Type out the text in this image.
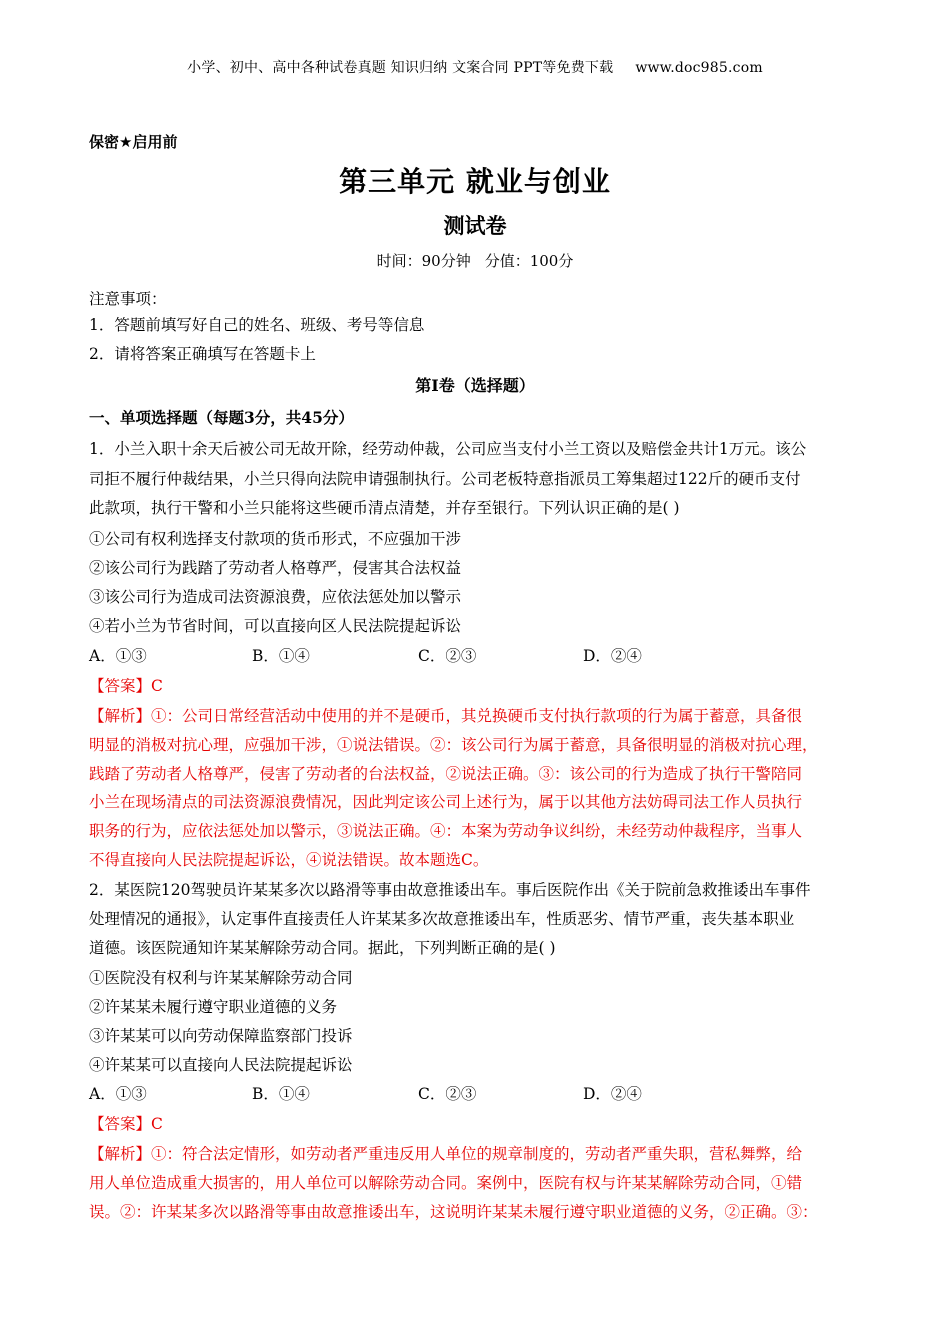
小学、初中、高中各种试卷真题 知识归纳 文案合同 PPT等免费下载 www.doc985.com
保密★启用前
第三单元 就业与创业
测试卷
时间：90分钟 分值：100分
注意事项：
1．答题前填写好自己的姓名、班级、考号等信息
2．请将答案正确填写在答题卡上
第I卷（选择题）
一、单项选择题（每题3分，共45分）
1．小兰入职十余天后被公司无故开除，经劳动仲裁，公司应当支付小兰工资以及赔偿金共计1万元。该公
司拒不履行仲裁结果，小兰只得向法院申请强制执行。公司老板特意指派员工筹集超过122斤的硬币支付
此款项，执行干警和小兰只能将这些硬币清点清楚，并存至银行。下列认识正确的是( )
①公司有权利选择支付款项的货币形式，不应强加干涉
②该公司行为践踏了劳动者人格尊严，侵害其合法权益
③该公司行为造成司法资源浪费，应依法惩处加以警示
④若小兰为节省时间，可以直接向区人民法院提起诉讼
A．①③	B．①④	C．②③	D．②④
【答案】C
【解析】①：公司日常经营活动中使用的并不是硬币，其兑换硬币支付执行款项的行为属于蓄意，具备很
明显的消极对抗心理，应强加干涉，①说法错误。②：该公司行为属于蓄意，具备很明显的消极对抗心理，
践踏了劳动者人格尊严，侵害了劳动者的台法权益，②说法正确。③：该公司的行为造成了执行干警陪同
小兰在现场清点的司法资源浪费情况，因此判定该公司上述行为，属于以其他方法妨碍司法工作人员执行
职务的行为，应依法惩处加以警示，③说法正确。④：本案为劳动争议纠纷，未经劳动仲裁程序，当事人
不得直接向人民法院提起诉讼，④说法错误。故本题选C。
2．某医院120驾驶员许某某多次以路滑等事由故意推诿出车。事后医院作出《关于院前急救推诿出车事件
处理情况的通报》，认定事件直接责任人许某某多次故意推诿出车，性质恶劣、情节严重，丧失基本职业
道德。该医院通知许某某解除劳动合同。据此，下列判断正确的是( )
①医院没有权利与许某某解除劳动合同
②许某某未履行遵守职业道德的义务
③许某某可以向劳动保障监察部门投诉
④许某某可以直接向人民法院提起诉讼
A．①③	B．①④	C．②③	D．②④
【答案】C
【解析】①：符合法定情形，如劳动者严重违反用人单位的规章制度的，劳动者严重失职，营私舞弊，给
用人单位造成重大损害的，用人单位可以解除劳动合同。案例中，医院有权与许某某解除劳动合同，①错
误。②：许某某多次以路滑等事由故意推诿出车，这说明许某某未履行遵守职业道德的义务，②正确。③：
